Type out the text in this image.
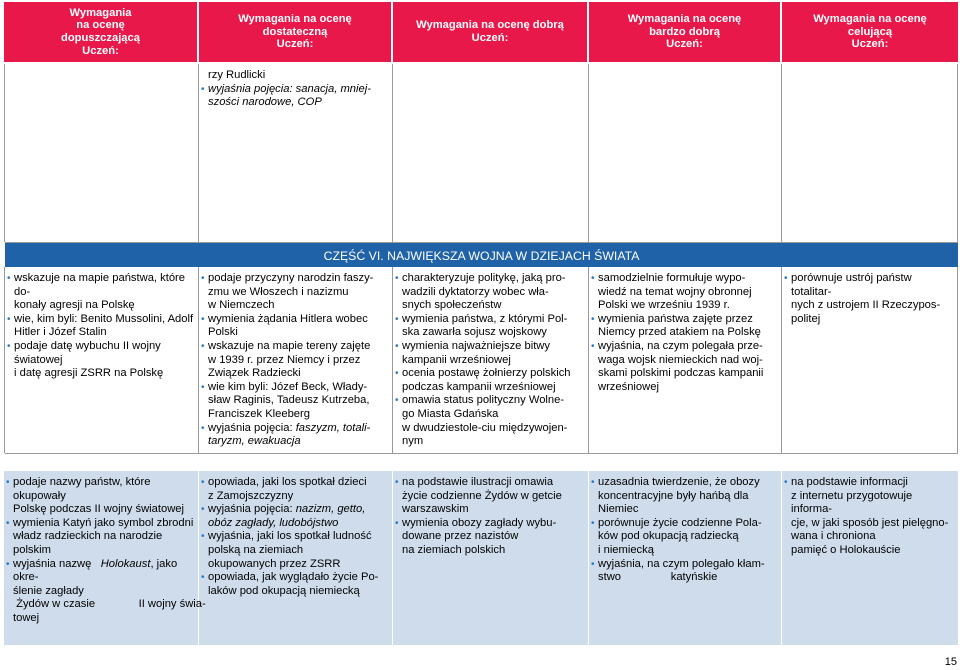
Wymagania
na ocenę
dopuszczającą
Uczeń:
Wymagania na ocenę
dostateczną
Uczeń:
Wymagania na ocenę dobrą
Uczeń:
Wymagania na ocenę
bardzo dobrą
Uczeń:
Wymagania na ocenę
celującą
Uczeń:
rzy Rudlicki
• wyjaśnia pojęcia: sanacja, mniej-
szości narodowe, COP
CZĘŚĆ VI. NAJWIĘKSZA WOJNA W DZIEJACH ŚWIATA
• wskazuje na mapie państwa, które do-
konały agresji na Polskę
• wie, kim byli: Benito Mussolini, Adolf
Hitler i Józef Stalin
• podaje datę wybuchu II wojny światowej
i datę agresji ZSRR na Polskę
• podaje przyczyny narodzin faszy-
zmu we Włoszech i nazizmu
w Niemczech
• wymienia żądania Hitlera wobec
Polski
• wskazuje na mapie tereny zajęte
w 1939 r. przez Niemcy i przez
Związek Radziecki
• wie kim byli: Józef Beck, Włady-
sław Raginis, Tadeusz Kutrzeba,
Franciszek Kleeberg
• wyjaśnia pojęcia: faszyzm, totali-
taryzm, ewakuacja
• charakteryzuje politykę, jaką pro-
wadzili dyktatorzy wobec wła-
snych społeczeństw
• wymienia państwa, z którymi Pol-
ska zawarła sojusz wojskowy
• wymienia najważniejsze bitwy
kampanii wrześniowej
• ocenia postawę żołnierzy polskich
podczas kampanii wrześniowej
• omawia status polityczny Wolne-
go Miasta Gdańska
w dwudziestole-ciu międzywojen-
nym
• samodzielnie formułuje wypo-
wiedź na temat wojny obronnej
Polski we wrześniu 1939 r.
• wymienia państwa zajęte przez
Niemcy przed atakiem na Polskę
• wyjaśnia, na czym polegała prze-
waga wojsk niemieckich nad woj-
skami polskimi podczas kampanii
wrześniowej
• porównuje ustrój państw totalitar-
nych z ustrojem II Rzeczypos-
politej
• podaje nazwy państw, które okupowały
Polskę podczas II wojny światowej
• wymienia Katyń jako symbol zbrodni
władz radzieckich na narodzie polskim
• wyjaśnia nazwę   Holokaust, jako okre-
ślenie zagłady
Żydów w czasie              II wojny świa-
towej
• opowiada, jaki los spotkał dzieci
z Zamojszczyzny
• wyjaśnia pojęcia: nazizm, getto,
obóz zagłady, ludobójstwo
• wyjaśnia, jaki los spotkał ludność
polską na ziemiach
okupowanych przez ZSRR
• opowiada, jak wyglądało życie Po-
laków pod okupacją niemiecką
• na podstawie ilustracji omawia
życie codzienne Żydów w getcie
warszawskim
• wymienia obozy zagłady wybu-
dowane przez nazistów
na ziemiach polskich
• uzasadnia twierdzenie, że obozy
koncentracyjne były hańbą dla
Niemiec
• porównuje życie codzienne Pola-
ków pod okupacją radziecką
i niemiecką
• wyjaśnia, na czym polegało kłam-
stwo                katyńskie
• na podstawie informacji
z internetu przygotowuje informa-
cje, w jaki sposób jest pielęgno-
wana i chroniona
pamięć o Holokauście
15
